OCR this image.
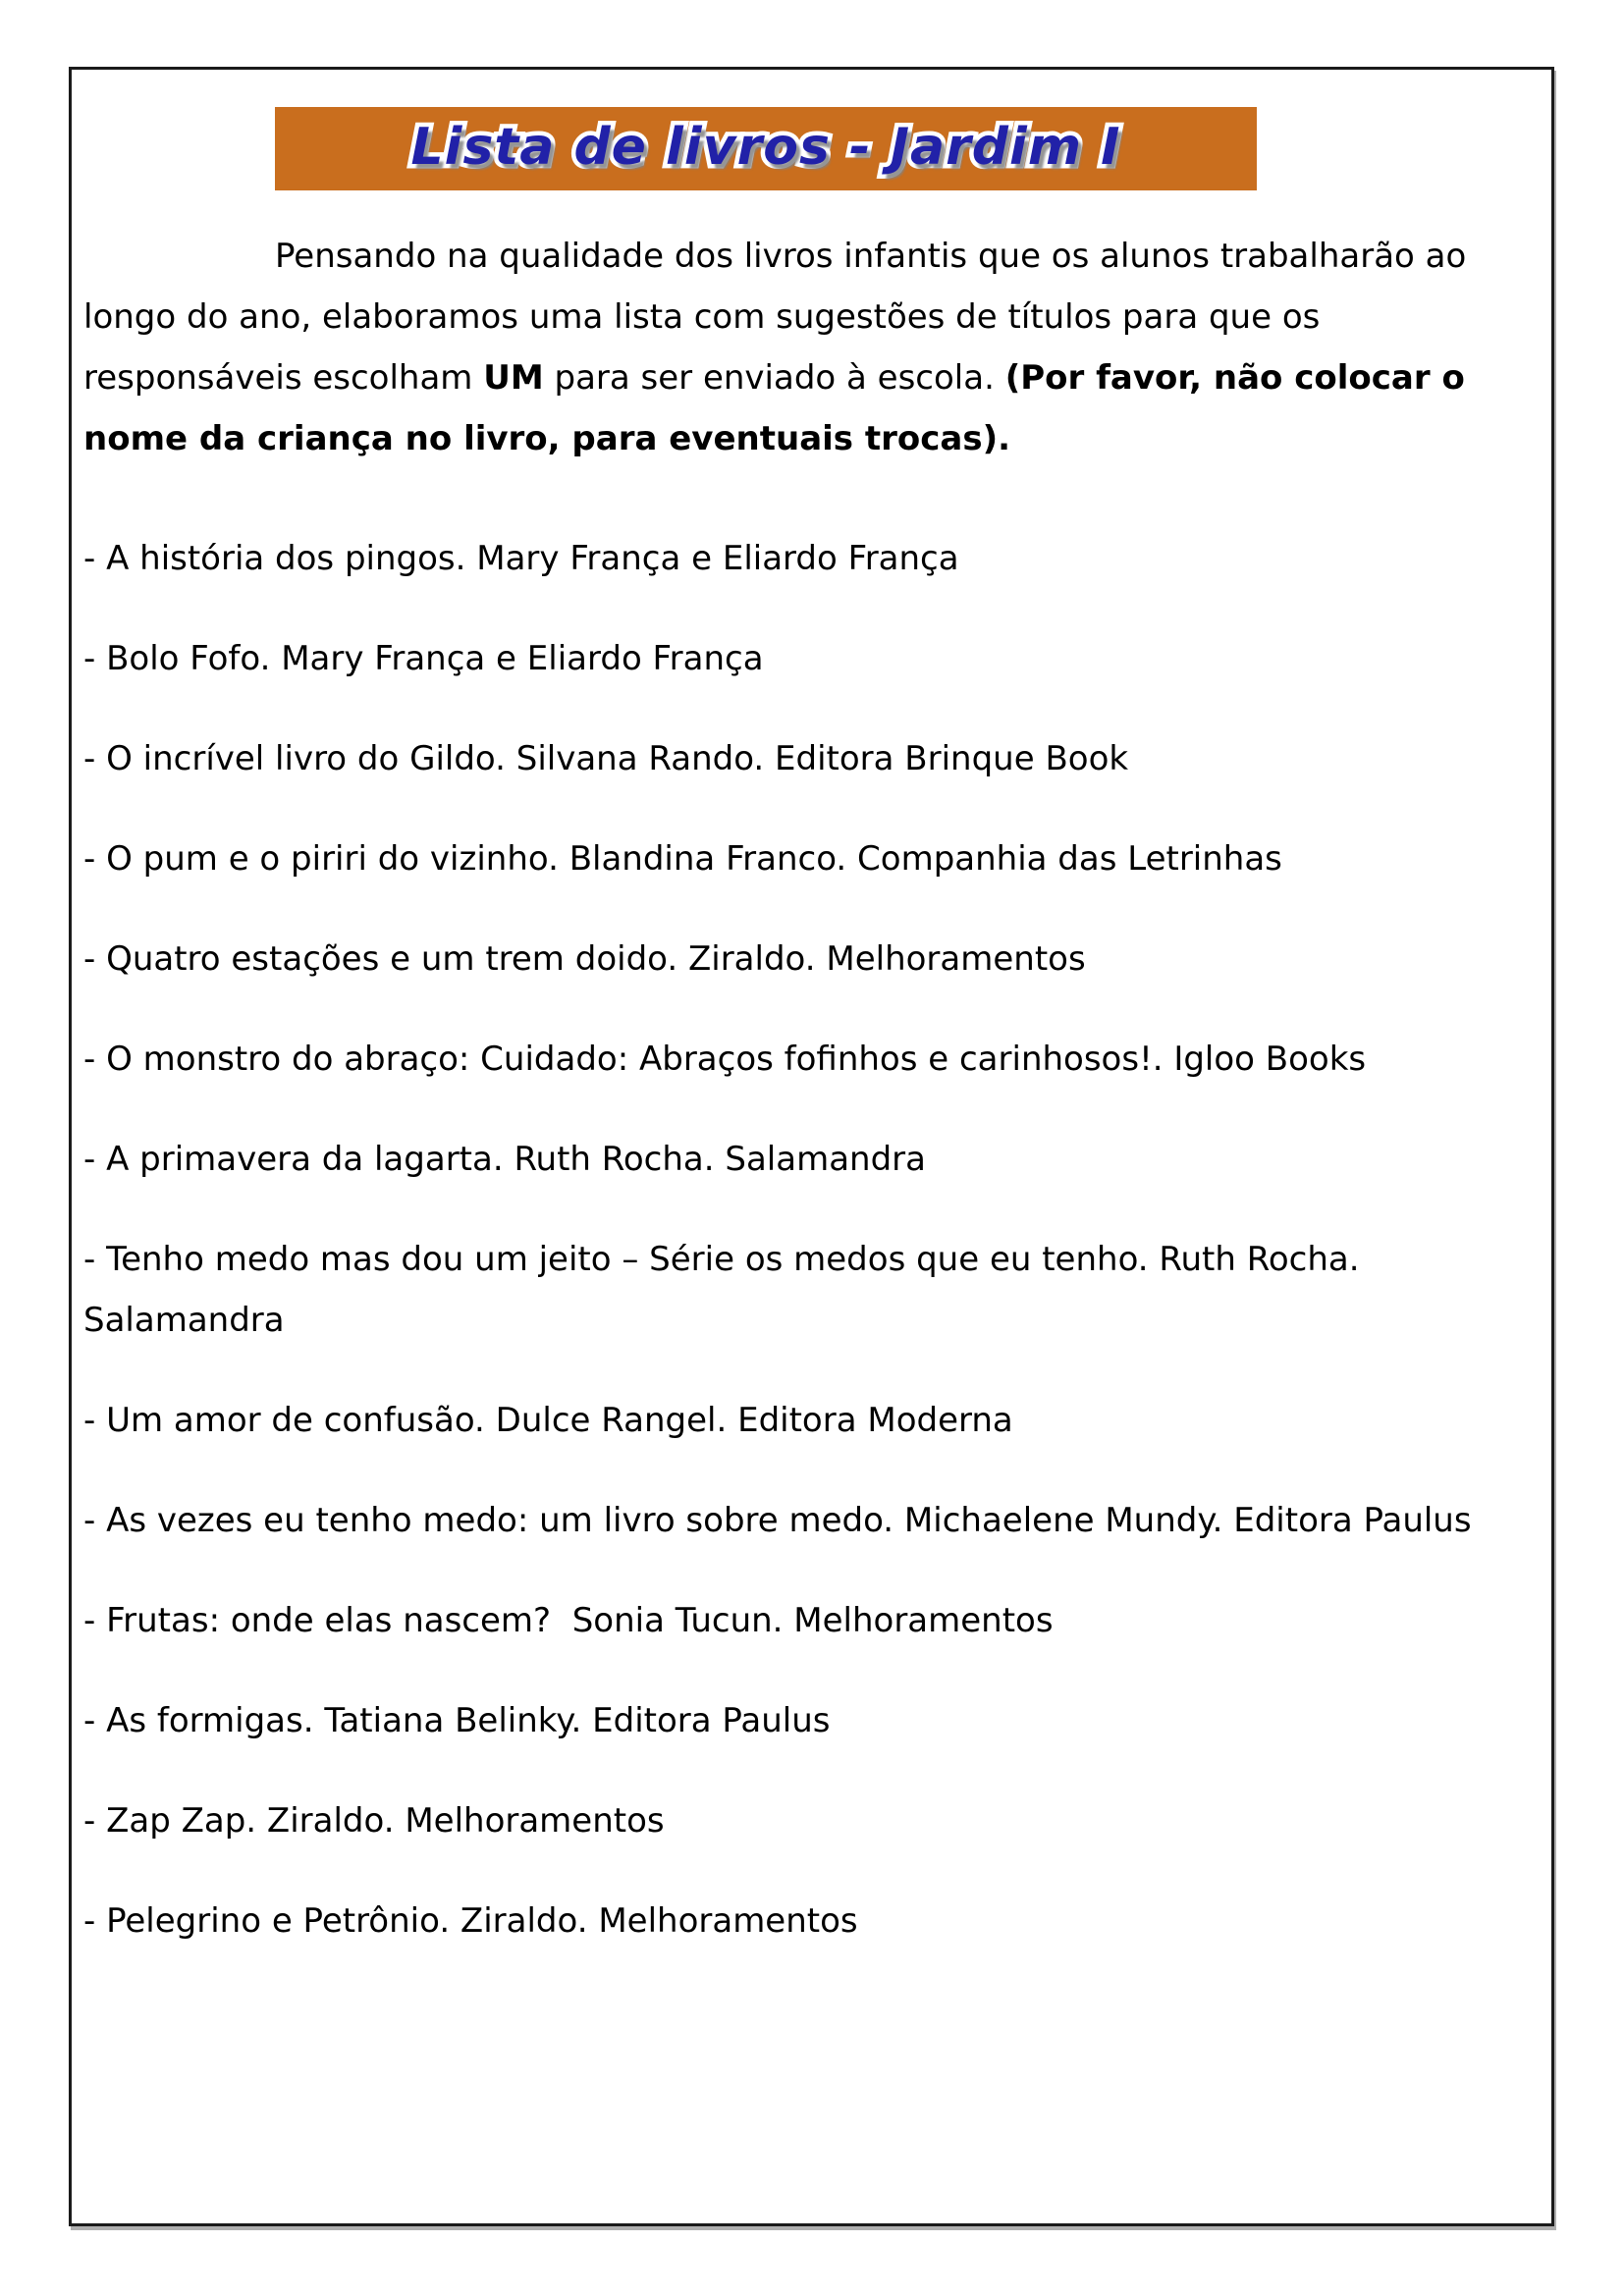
Lista de livros - Jardim I

Pensando na qualidade dos livros infantis que os alunos trabalharão ao longo do ano, elaboramos uma lista com sugestões de títulos para que os responsáveis escolham UM para ser enviado à escola. (Por favor, não colocar o nome da criança no livro, para eventuais trocas).

- A história dos pingos. Mary França e Eliardo França
- Bolo Fofo. Mary França e Eliardo França
- O incrível livro do Gildo. Silvana Rando. Editora Brinque Book
- O pum e o piriri do vizinho. Blandina Franco. Companhia das Letrinhas
- Quatro estações e um trem doido. Ziraldo. Melhoramentos
- O monstro do abraço: Cuidado: Abraços fofinhos e carinhosos!. Igloo Books
- A primavera da lagarta. Ruth Rocha. Salamandra
- Tenho medo mas dou um jeito – Série os medos que eu tenho. Ruth Rocha. Salamandra
- Um amor de confusão. Dulce Rangel. Editora Moderna
- As vezes eu tenho medo: um livro sobre medo. Michaelene Mundy. Editora Paulus
- Frutas: onde elas nascem?  Sonia Tucun. Melhoramentos
- As formigas. Tatiana Belinky. Editora Paulus
- Zap Zap. Ziraldo. Melhoramentos
- Pelegrino e Petrônio. Ziraldo. Melhoramentos
